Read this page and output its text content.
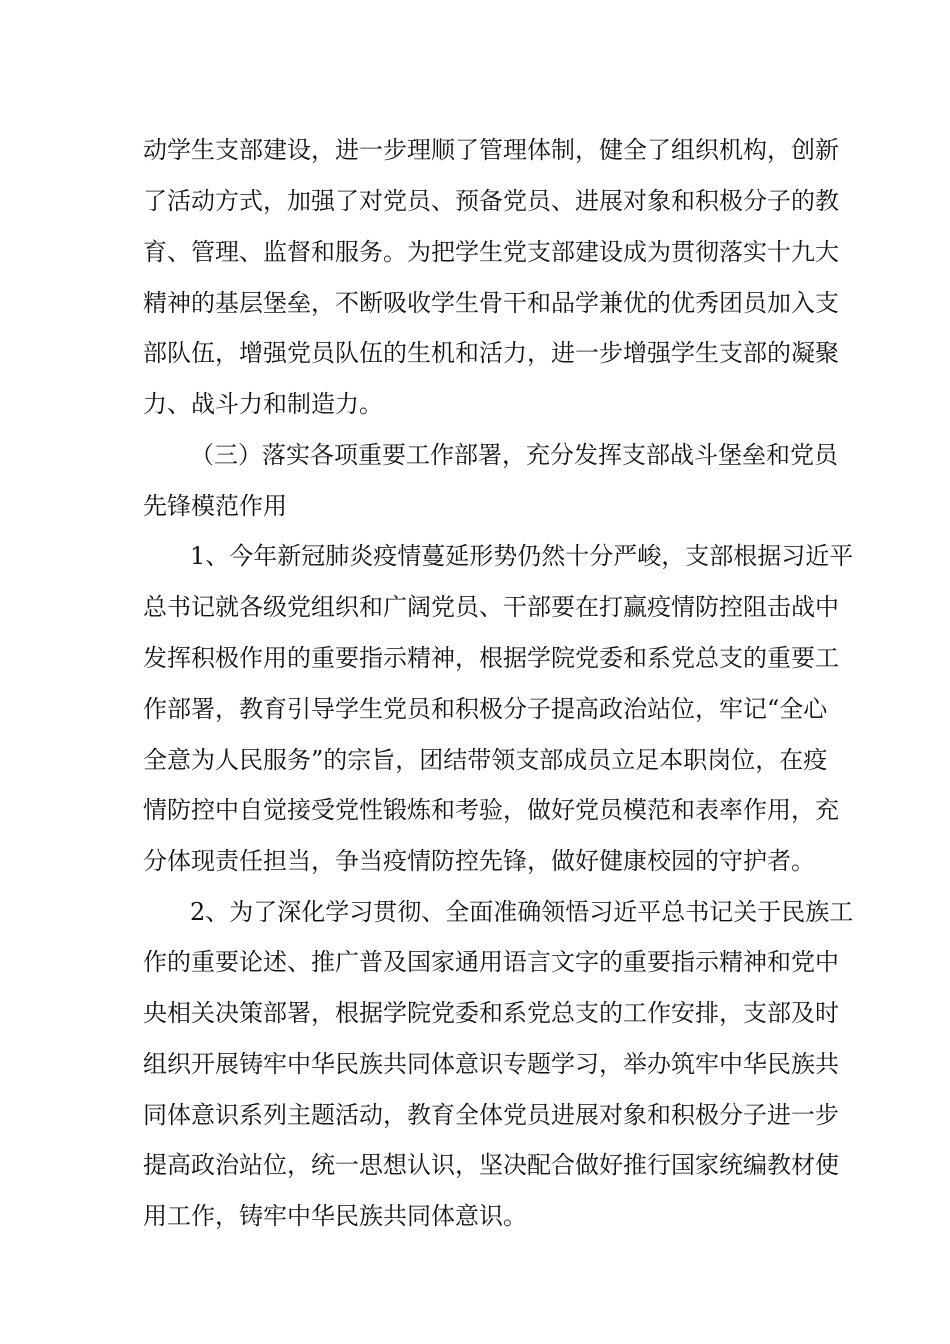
动学生支部建设，进一步理顺了管理体制，健全了组织机构，创新
了活动方式，加强了对党员、预备党员、进展对象和积极分子的教
育、管理、监督和服务。为把学生党支部建设成为贯彻落实十九大
精神的基层堡垒，不断吸收学生骨干和品学兼优的优秀团员加入支
部队伍，增强党员队伍的生机和活力，进一步增强学生支部的凝聚
力、战斗力和制造力。
（三）落实各项重要工作部署，充分发挥支部战斗堡垒和党员
先锋模范作用
1、今年新冠肺炎疫情蔓延形势仍然十分严峻，支部根据习近平
总书记就各级党组织和广阔党员、干部要在打赢疫情防控阻击战中
发挥积极作用的重要指示精神，根据学院党委和系党总支的重要工
作部署，教育引导学生党员和积极分子提高政治站位，牢记“全心
全意为人民服务”的宗旨，团结带领支部成员立足本职岗位，在疫
情防控中自觉接受党性锻炼和考验，做好党员模范和表率作用，充
分体现责任担当，争当疫情防控先锋，做好健康校园的守护者。
2、为了深化学习贯彻、全面准确领悟习近平总书记关于民族工
作的重要论述、推广普及国家通用语言文字的重要指示精神和党中
央相关决策部署，根据学院党委和系党总支的工作安排，支部及时
组织开展铸牢中华民族共同体意识专题学习，举办筑牢中华民族共
同体意识系列主题活动，教育全体党员进展对象和积极分子进一步
提高政治站位，统一思想认识，坚决配合做好推行国家统编教材使
用工作，铸牢中华民族共同体意识。
